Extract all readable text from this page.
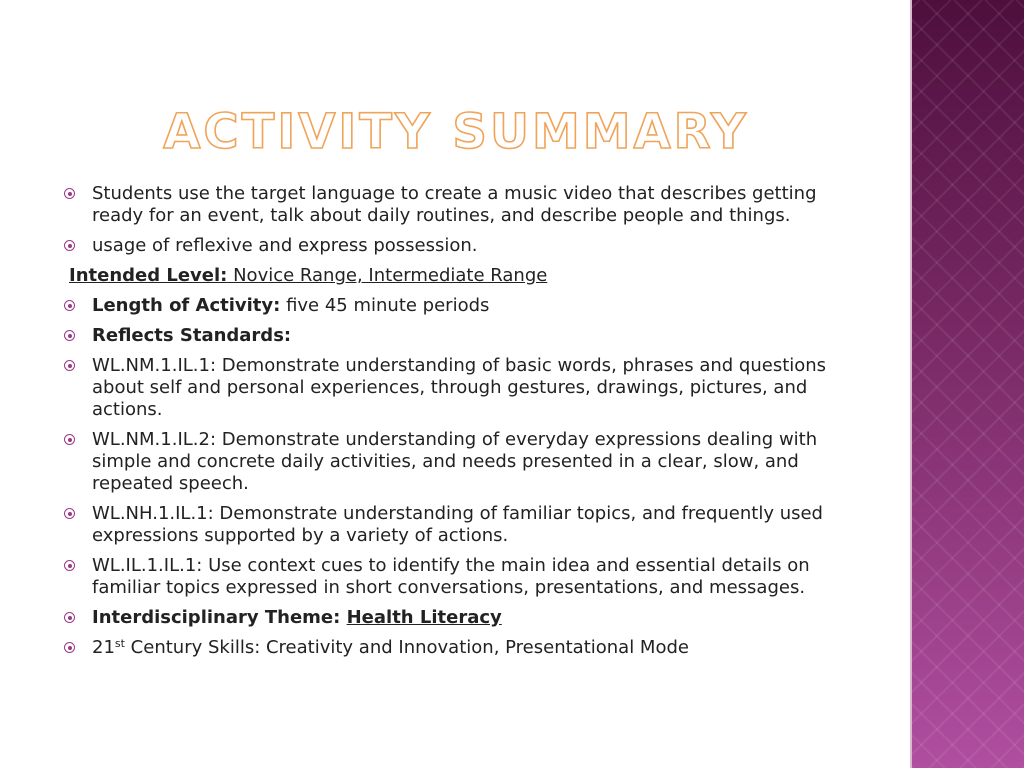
ACTIVITY SUMMARY
Students use the target language to create a music video that describes getting ready for an event, talk about daily routines, and describe people and things.
usage of reflexive and express possession.
Intended Level: Novice Range, Intermediate Range
Length of Activity: five 45 minute periods
Reflects Standards:
WL.NM.1.IL.1: Demonstrate understanding of basic words, phrases and questions about self and personal experiences, through gestures, drawings, pictures, and actions.
WL.NM.1.IL.2: Demonstrate understanding of everyday expressions dealing with simple and concrete daily activities, and needs presented in a clear, slow, and repeated speech.
WL.NH.1.IL.1: Demonstrate understanding of familiar topics, and frequently used expressions supported by a variety of actions.
WL.IL.1.IL.1: Use context cues to identify the main idea and essential details on familiar topics expressed in short conversations, presentations, and messages.
Interdisciplinary Theme: Health Literacy
21st Century Skills: Creativity and Innovation, Presentational Mode
